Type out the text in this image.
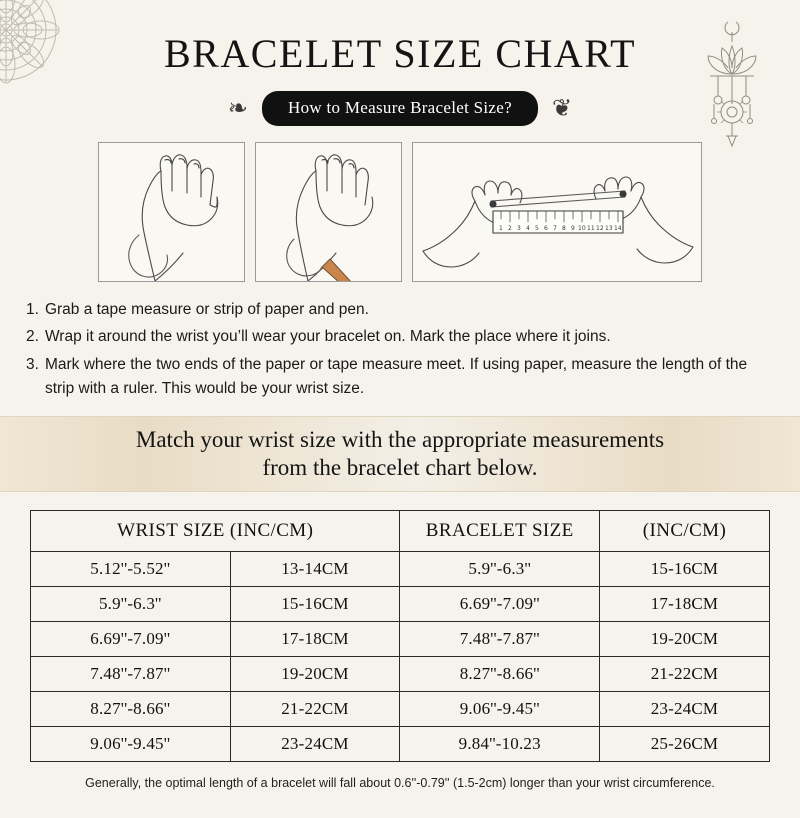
BRACELET SIZE CHART
❧	How to Measure Bracelet Size?	❦
1 2 3 4 5 6 7 8 9 10 11 12 13 14
1. Grab a tape measure or strip of paper and pen.
2. Wrap it around the wrist you’ll wear your bracelet on. Mark the place where it joins.
3. Mark where the two ends of the paper or tape measure meet. If using paper, measure the length of the strip with a ruler. This would be your wrist size.
Match your wrist size with the appropriate measurements
from the bracelet chart below.
WRIST SIZE (INC/CM)		BRACELET SIZE	(INC/CM)
5.12''-5.52''	13-14CM	5.9''-6.3''	15-16CM
5.9''-6.3''	15-16CM	6.69''-7.09''	17-18CM
6.69''-7.09''	17-18CM	7.48''-7.87''	19-20CM
7.48''-7.87''	19-20CM	8.27''-8.66''	21-22CM
8.27''-8.66''	21-22CM	9.06''-9.45''	23-24CM
9.06''-9.45''	23-24CM	9.84''-10.23	25-26CM
Generally, the optimal length of a bracelet will fall about 0.6''-0.79'' (1.5-2cm) longer than your wrist circumference.
